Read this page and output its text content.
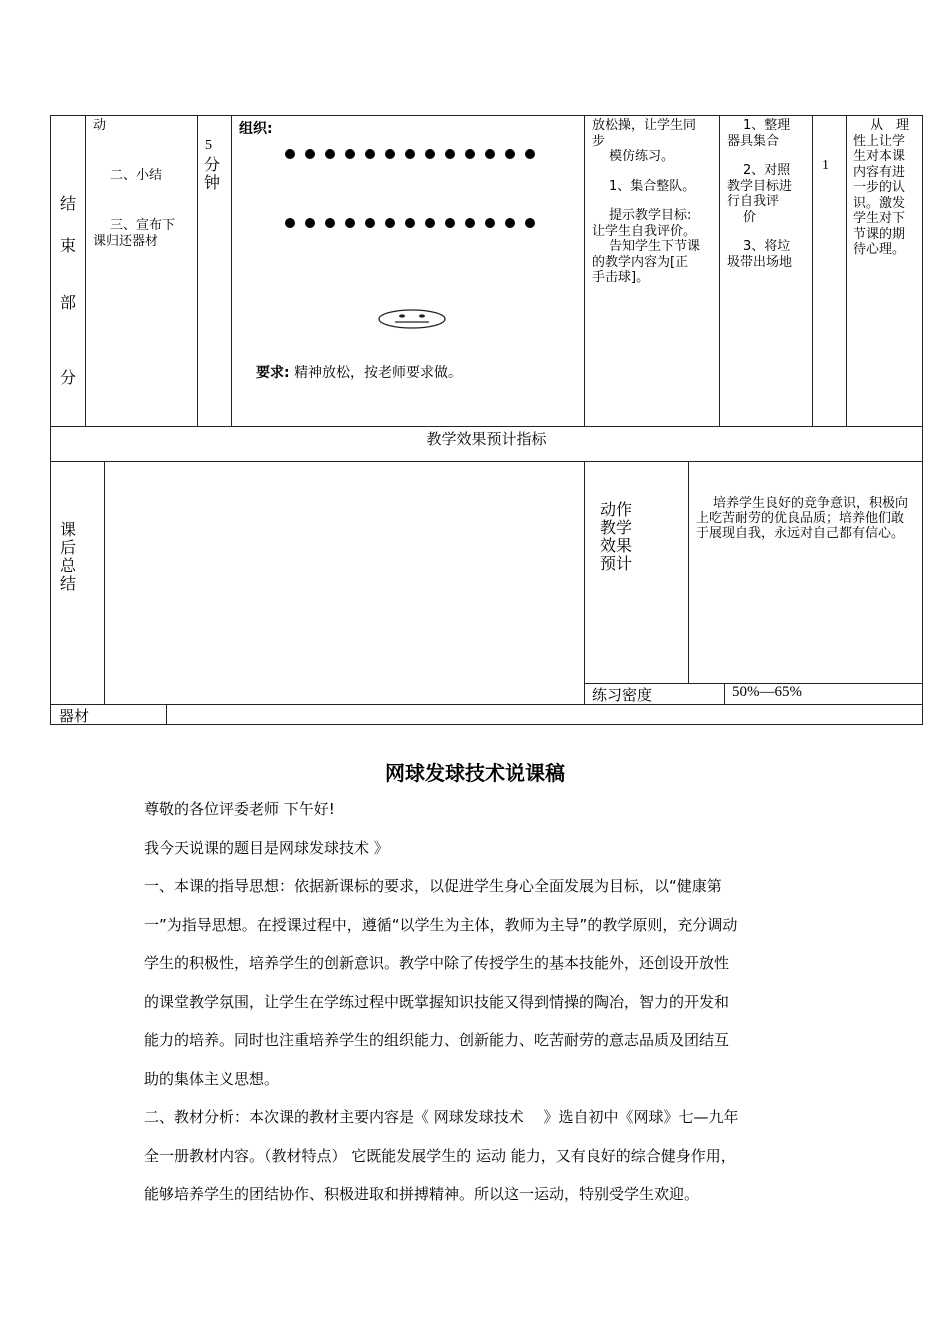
结
束
部
分
动
二、小结
三、宣布下
课归还器材
5
分
钟
组织:
要求: 精神放松，按老师要求做。
放松操，让学生同
步
模仿练习。
1、集合整队。
提示教学目标:
让学生自我评价。
告知学生下节课
的教学内容为[正
手击球]。
1、整理
器具集合
2、对照
教学目标进
行自我评
价
3、将垃
圾带出场地
1
从　理
性上让学
生对本课
内容有进
一步的认
识。激发
学生对下
节课的期
待心理。
教学效果预计指标
课
后
总
结
动作
教学
效果
预计
培养学生良好的竞争意识，积极向上吃苦耐劳的优良品质；培养他们敢于展现自我，永远对自己都有信心。
练习密度	50%—65%
器材
网球发球技术说课稿
尊敬的各位评委老师 下午好!
我今天说课的题目是网球发球技术 》
一、本课的指导思想：依据新课标的要求，以促进学生身心全面发展为目标，以“健康第
一”为指导思想。在授课过程中，遵循“以学生为主体，教师为主导”的教学原则，充分调动
学生的积极性，培养学生的创新意识。教学中除了传授学生的基本技能外，还创设开放性
的课堂教学氛围，让学生在学练过程中既掌握知识技能又得到情操的陶冶，智力的开发和
能力的培养。同时也注重培养学生的组织能力、创新能力、吃苦耐劳的意志品质及团结互
助的集体主义思想。
二、教材分析：本次课的教材主要内容是《 网球发球技术 　》选自初中《网球》七—九年
全一册教材内容。（教材特点） 它既能发展学生的 运动 能力，又有良好的综合健身作用，
能够培养学生的团结协作、积极进取和拼搏精神。所以这一运动，特别受学生欢迎。
